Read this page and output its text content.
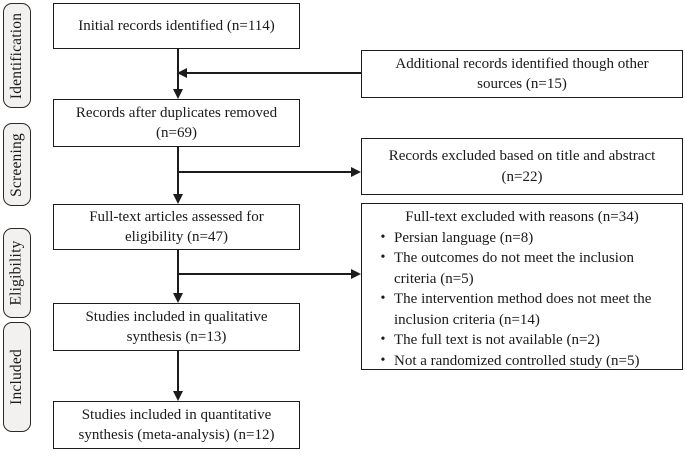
Identification
Screening
Eligibility
Included
Initial records identified (n=114)
Records after duplicates removed
(n=69)
Full-text articles assessed for
eligibility (n=47)
Studies included in qualitative
synthesis (n=13)
Studies included in quantitative
synthesis (meta-analysis) (n=12)
Additional records identified though other
sources (n=15)
Records excluded based on title and abstract
(n=22)
Full-text excluded with reasons (n=34)
• Persian language (n=8)
• The outcomes do not meet the inclusion criteria (n=5)
• The intervention method does not meet the inclusion criteria (n=14)
• The full text is not available (n=2)
• Not a randomized controlled study (n=5)
